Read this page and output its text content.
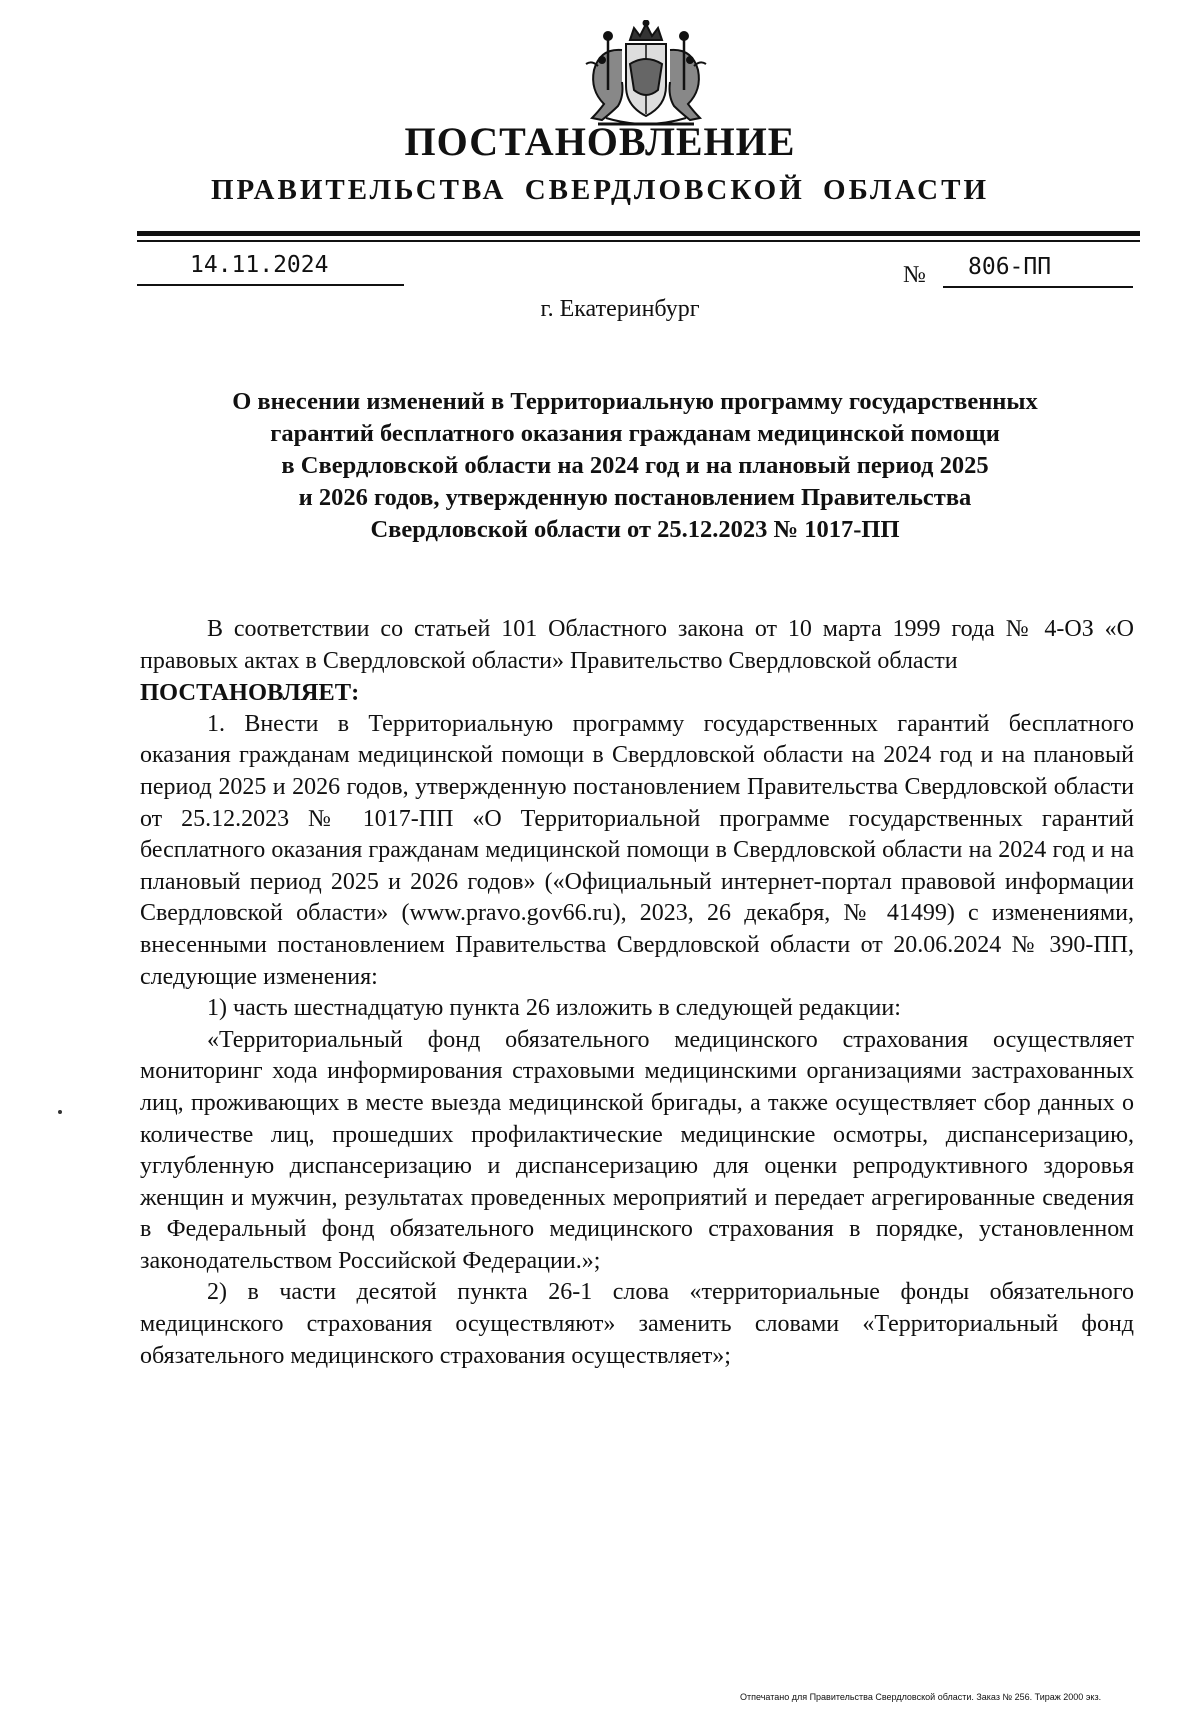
ПОСТАНОВЛЕНИЕ
ПРАВИТЕЛЬСТВА СВЕРДЛОВСКОЙ ОБЛАСТИ
14.11.2024	№ 806-ПП
г. Екатеринбург
О внесении изменений в Территориальную программу государственных
гарантий бесплатного оказания гражданам медицинской помощи
в Свердловской области на 2024 год и на плановый период 2025
и 2026 годов, утвержденную постановлением Правительства
Свердловской области от 25.12.2023 № 1017-ПП

В соответствии со статьей 101 Областного закона от 10 марта 1999 года № 4-ОЗ «О правовых актах в Свердловской области» Правительство Свердловской области

ПОСТАНОВЛЯЕТ:

1. Внести в Территориальную программу государственных гарантий бесплатного оказания гражданам медицинской помощи в Свердловской области на 2024 год и на плановый период 2025 и 2026 годов, утвержденную постановлением Правительства Свердловской области от 25.12.2023 № 1017-ПП «О Территориальной программе государственных гарантий бесплатного оказания гражданам медицинской помощи в Свердловской области на 2024 год и на плановый период 2025 и 2026 годов» («Официальный интернет-портал правовой информации Свердловской области» (www.pravo.gov66.ru), 2023, 26 декабря, № 41499) с изменениями, внесенными постановлением Правительства Свердловской области от 20.06.2024 № 390-ПП, следующие изменения:

1) часть шестнадцатую пункта 26 изложить в следующей редакции:

«Территориальный фонд обязательного медицинского страхования осуществляет мониторинг хода информирования страховыми медицинскими организациями застрахованных лиц, проживающих в месте выезда медицинской бригады, а также осуществляет сбор данных о количестве лиц, прошедших профилактические медицинские осмотры, диспансеризацию, углубленную диспансеризацию и диспансеризацию для оценки репродуктивного здоровья женщин и мужчин, результатах проведенных мероприятий и передает агрегированные сведения в Федеральный фонд обязательного медицинского страхования в порядке, установленном законодательством Российской Федерации.»;

2) в части десятой пункта 26-1 слова «территориальные фонды обязательного медицинского страхования осуществляют» заменить словами «Территориальный фонд обязательного медицинского страхования осуществляет»;

Отпечатано для Правительства Свердловской области. Заказ № 256. Тираж 2000 экз.
